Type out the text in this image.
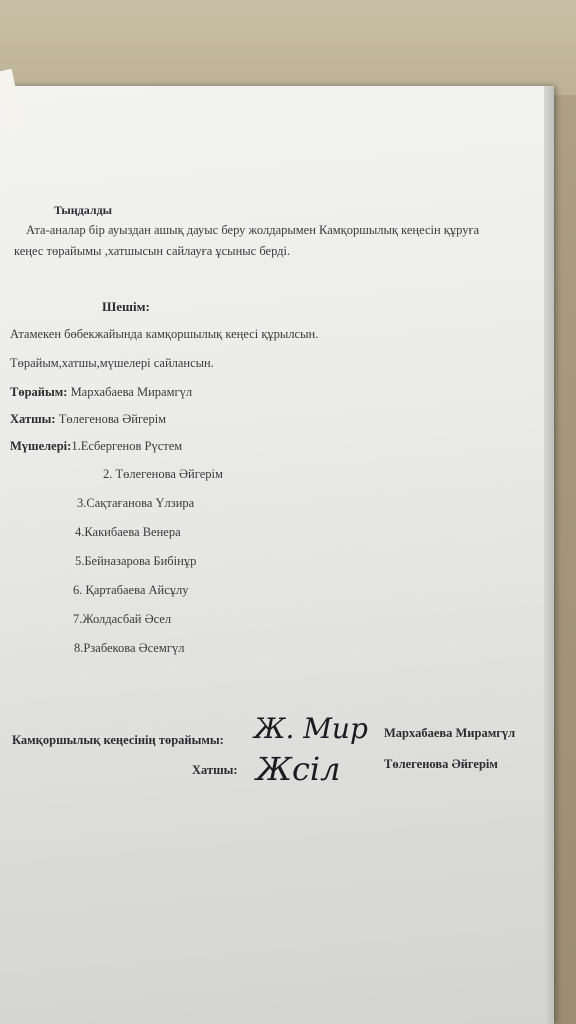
Тыңдалды
Ата-аналар бір ауыздан ашық дауыс беру жолдарымен Камқоршылық кеңесін құруға
кеңес төрайымы ,хатшысын сайлауға ұсыныс берді.
Шешім:
Атамекен бөбекжайында камқоршылық кеңесі құрылсын.
Төрайым,хатшы,мүшелері сайлансын.
Төрайым: Мархабаева Мирамгүл
Хатшы: Төлегенова Әйгерім
Мүшелері:1.Есбергенов Рүстем
2. Төлегенова Әйгерім
3.Сақтағанова Үлзира
4.Какибаева Венера
5.Бейназарова Бибінұр
6. Қартабаева Айсұлу
7.Жолдасбай Әсел
8.Рзабекова Әсемгүл
Камқоршылық кеңесінің төрайымы: Ж. Мир Мархабаева Мирамгүл
Хатшы: Жсіл	Төлегенова Әйгерім
